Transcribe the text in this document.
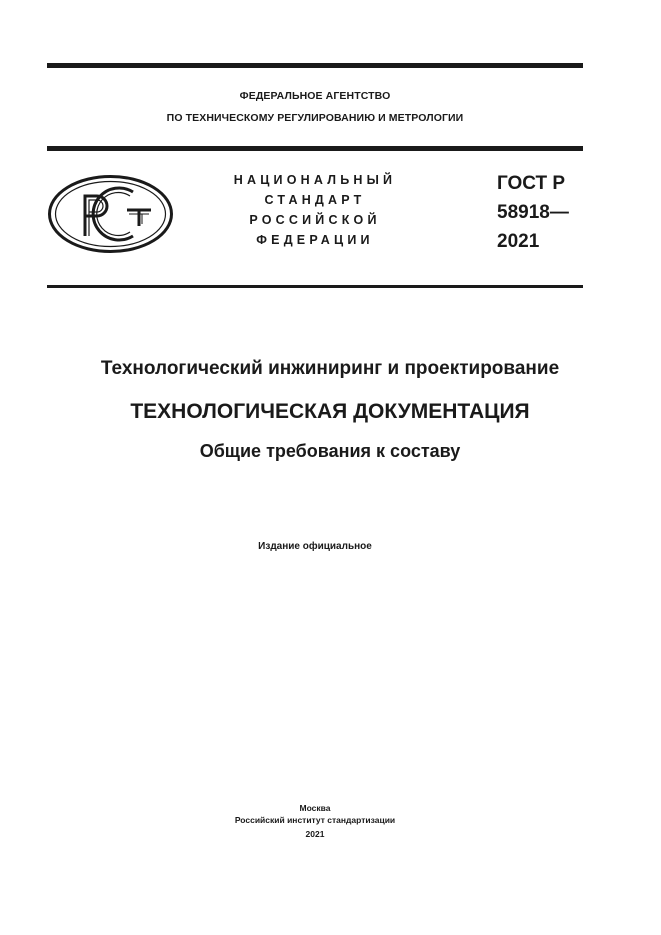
ФЕДЕРАЛЬНОЕ АГЕНТСТВО
ПО ТЕХНИЧЕСКОМУ РЕГУЛИРОВАНИЮ И МЕТРОЛОГИИ
НАЦИОНАЛЬНЫЙ
СТАНДАРТ
РОССИЙСКОЙ
ФЕДЕРАЦИИ
ГОСТ Р
58918—
2021
Технологический инжиниринг и проектирование
ТЕХНОЛОГИЧЕСКАЯ ДОКУМЕНТАЦИЯ
Общие требования к составу
Издание официальное
Москва
Российский институт стандартизации
2021
